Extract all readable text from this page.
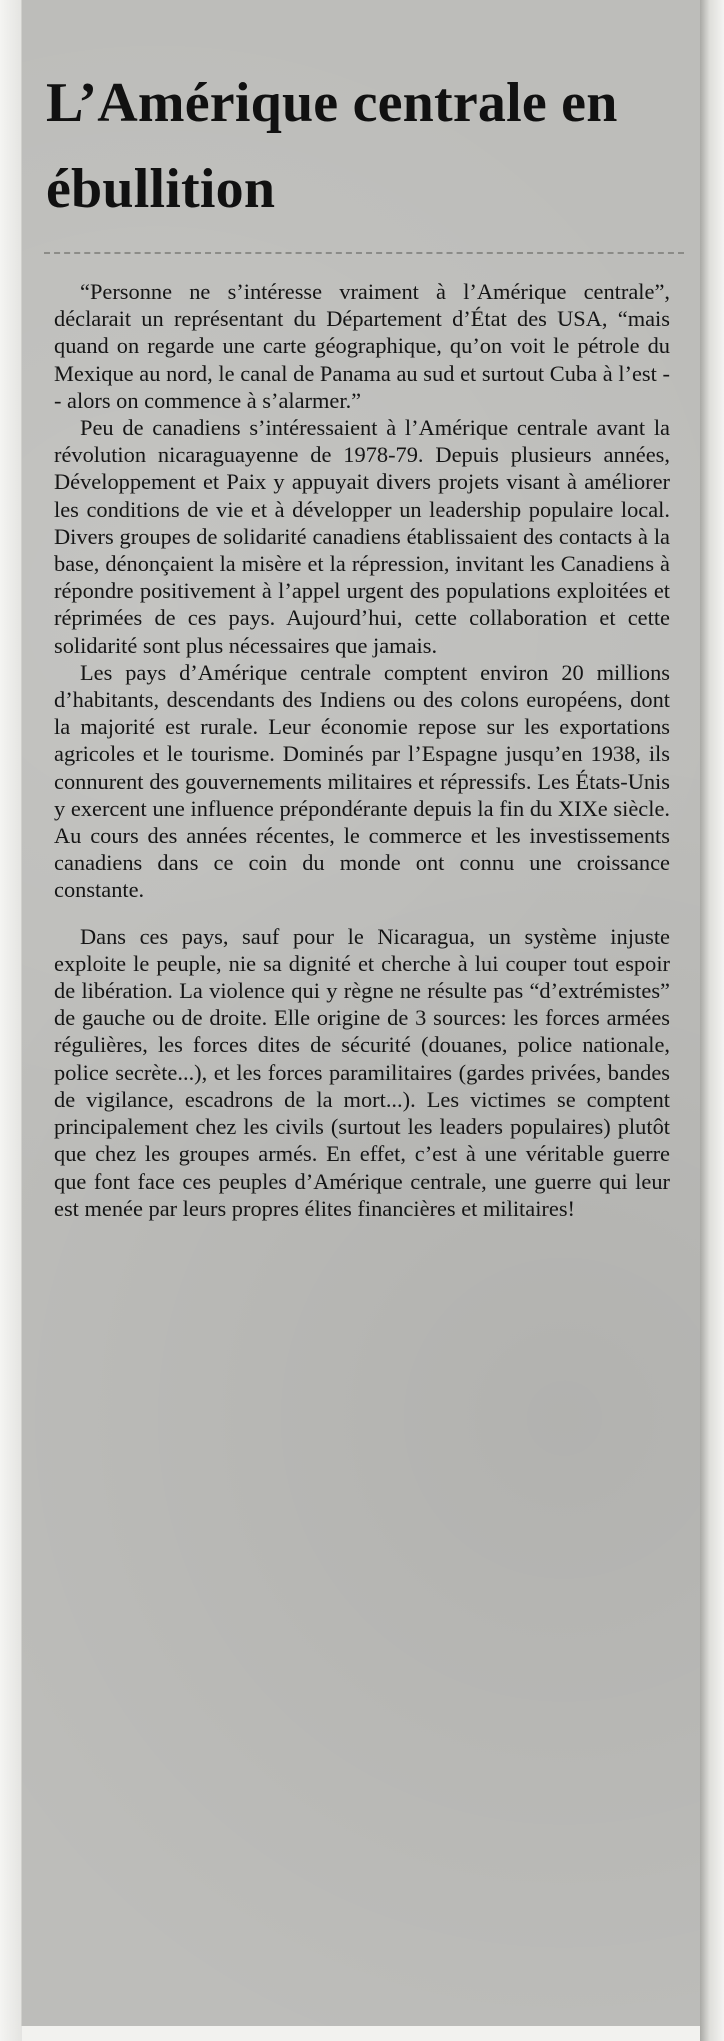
L’Amérique centrale en ébullition

“Personne ne s’intéresse vraiment à l’Amérique centrale”, déclarait un représentant du Département d’État des USA, “mais quand on regarde une carte géographique, qu’on voit le pétrole du Mexique au nord, le canal de Panama au sud et surtout Cuba à l’est -- alors on commence à s’alarmer.”

Peu de canadiens s’intéressaient à l’Amérique centrale avant la révolution nicaraguayenne de 1978-79. Depuis plusieurs années, Développement et Paix y appuyait divers projets visant à améliorer les conditions de vie et à développer un leadership populaire local. Divers groupes de solidarité canadiens établissaient des contacts à la base, dénonçaient la misère et la répression, invitant les Canadiens à répondre positivement à l’appel urgent des populations exploitées et réprimées de ces pays. Aujourd’hui, cette collaboration et cette solidarité sont plus nécessaires que jamais.

Les pays d’Amérique centrale comptent environ 20 millions d’habitants, descendants des Indiens ou des colons européens, dont la majorité est rurale. Leur économie repose sur les exportations agricoles et le tourisme. Dominés par l’Espagne jusqu’en 1938, ils connurent des gouvernements militaires et répressifs. Les États-Unis y exercent une influence prépondérante depuis la fin du XIXe siècle. Au cours des années récentes, le commerce et les investissements canadiens dans ce coin du monde ont connu une croissance constante.

Dans ces pays, sauf pour le Nicaragua, un système injuste exploite le peuple, nie sa dignité et cherche à lui couper tout espoir de libération. La violence qui y règne ne résulte pas “d’extrémistes” de gauche ou de droite. Elle origine de 3 sources: les forces armées régulières, les forces dites de sécurité (douanes, police nationale, police secrète...), et les forces paramilitaires (gardes privées, bandes de vigilance, escadrons de la mort...). Les victimes se comptent principalement chez les civils (surtout les leaders populaires) plutôt que chez les groupes armés. En effet, c’est à une véritable guerre que font face ces peuples d’Amérique centrale, une guerre qui leur est menée par leurs propres élites financières et militaires!
